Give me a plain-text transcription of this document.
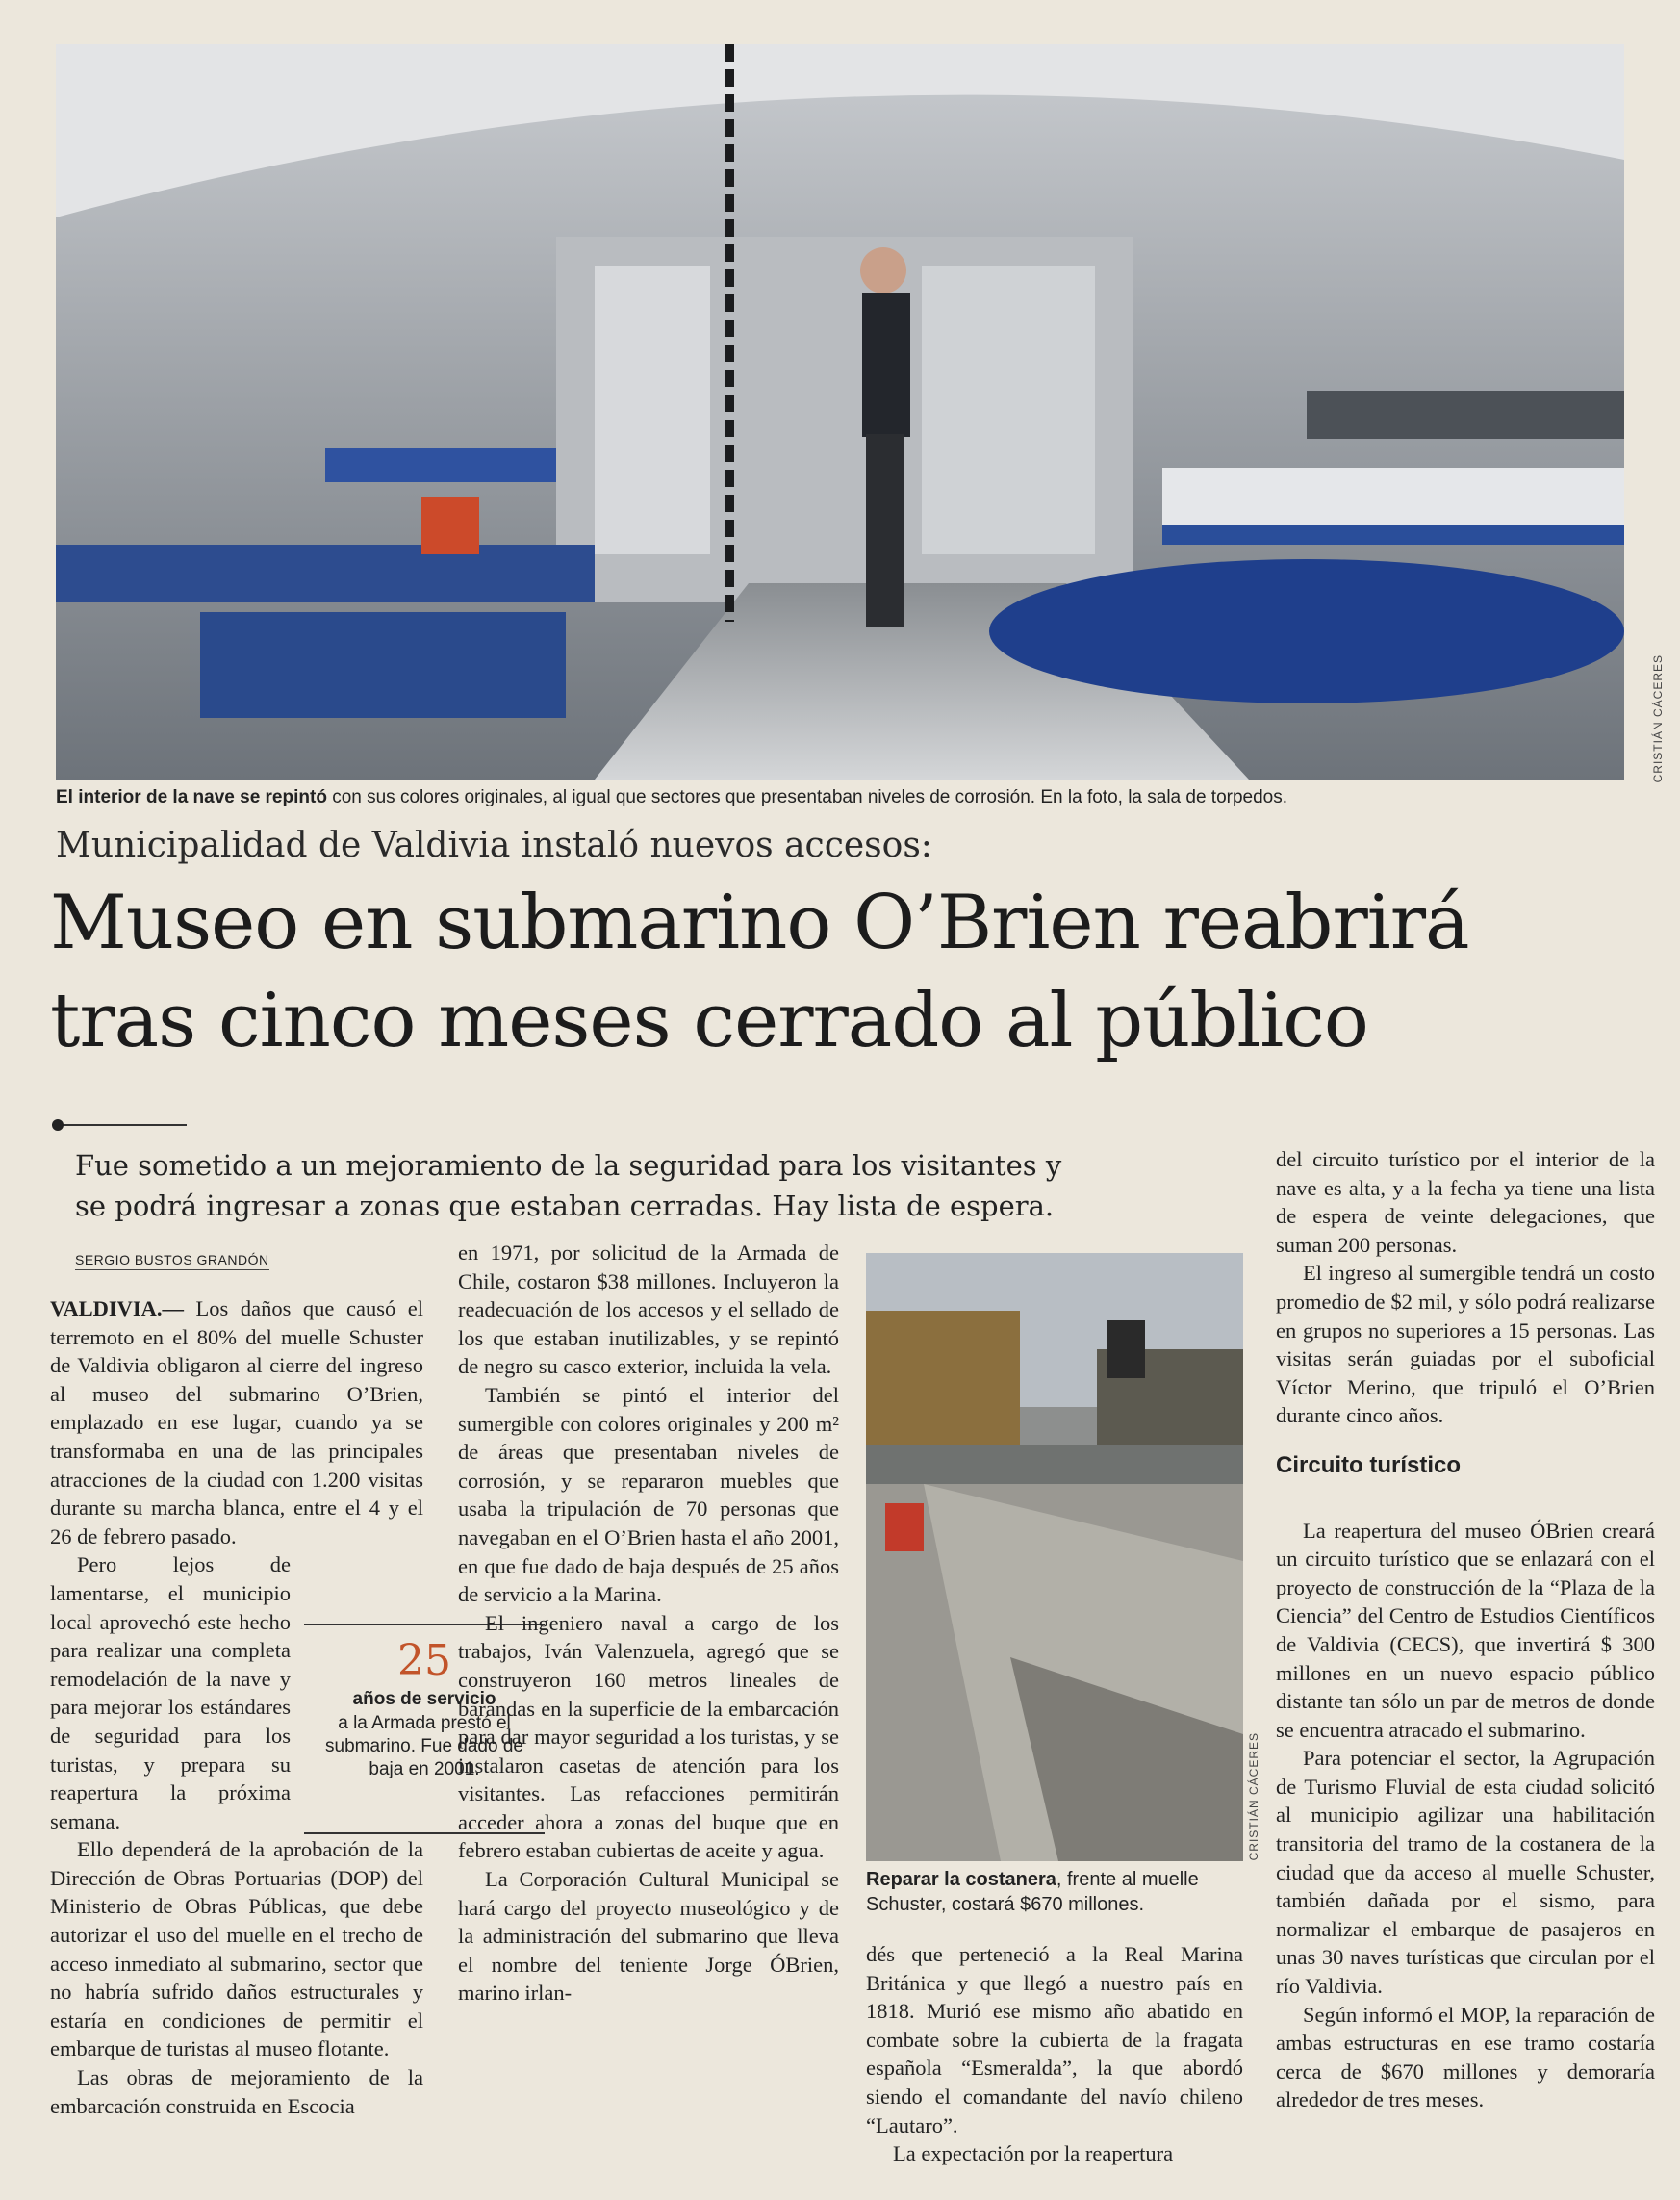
CRISTIÁN CÁCERES
El interior de la nave se repintó con sus colores originales, al igual que sectores que presentaban niveles de corrosión. En la foto, la sala de torpedos.
Municipalidad de Valdivia instaló nuevos accesos:
Museo en submarino O’Brien reabrirá
tras cinco meses cerrado al público
Fue sometido a un mejoramiento de la seguridad para los visitantes y
se podrá ingresar a zonas que estaban cerradas. Hay lista de espera.
SERGIO BUSTOS GRANDÓN

VALDIVIA.— Los daños que causó el terremoto en el 80% del muelle Schuster de Valdivia obligaron al cierre del ingreso al museo del submarino O’Brien, emplazado en ese lugar, cuando ya se transformaba en una de las principales atracciones de la ciudad con 1.200 visitas durante su marcha blanca, entre el 4 y el 26 de febrero pasado.

Pero lejos de lamentarse, el municipio local aprovechó este hecho para realizar una completa remodelación de la nave y para mejorar los estándares de seguridad para los turistas, y prepara su reapertura la próxima semana.

Ello dependerá de la aprobación de la Dirección de Obras Portuarias (DOP) del Ministerio de Obras Públicas, que debe autorizar el uso del muelle en el trecho de acceso inmediato al submarino, sector que no habría sufrido daños estructurales y estaría en condiciones de permitir el embarque de turistas al museo flotante.

Las obras de mejoramiento de la embarcación construida en Escocia

25
años de servicio
a la Armada prestó el submarino. Fue dado de baja en 2001.

en 1971, por solicitud de la Armada de Chile, costaron $38 millones. Incluyeron la readecuación de los accesos y el sellado de los que estaban inutilizables, y se repintó de negro su casco exterior, incluida la vela.

También se pintó el interior del sumergible con colores originales y 200 m² de áreas que presentaban niveles de corrosión, y se repararon muebles que usaba la tripulación de 70 personas que navegaban en el O’Brien hasta el año 2001, en que fue dado de baja después de 25 años de servicio a la Marina.

El ingeniero naval a cargo de los trabajos, Iván Valenzuela, agregó que se construyeron 160 metros lineales de barandas en la superficie de la embarcación para dar mayor seguridad a los turistas, y se instalaron casetas de atención para los visitantes. Las refacciones permitirán acceder ahora a zonas del buque que en febrero estaban cubiertas de aceite y agua.

La Corporación Cultural Municipal se hará cargo del proyecto museológico y de la administración del submarino que lleva el nombre del teniente Jorge ÓBrien, marino irlan-

CRISTIÁN CÁCERES
Reparar la costanera, frente al muelle Schuster, costará $670 millones.

dés que perteneció a la Real Marina Británica y que llegó a nuestro país en 1818. Murió ese mismo año abatido en combate sobre la cubierta de la fragata española “Esmeralda”, la que abordó siendo el comandante del navío chileno “Lautaro”.

La expectación por la reapertura

del circuito turístico por el interior de la nave es alta, y a la fecha ya tiene una lista de espera de veinte delegaciones, que suman 200 personas.

El ingreso al sumergible tendrá un costo promedio de $2 mil, y sólo podrá realizarse en grupos no superiores a 15 personas. Las visitas serán guiadas por el suboficial Víctor Merino, que tripuló el O’Brien durante cinco años.

Circuito turístico

La reapertura del museo ÓBrien creará un circuito turístico que se enlazará con el proyecto de construcción de la “Plaza de la Ciencia” del Centro de Estudios Científicos de Valdivia (CECS), que invertirá $ 300 millones en un nuevo espacio público distante tan sólo un par de metros de donde se encuentra atracado el submarino.

Para potenciar el sector, la Agrupación de Turismo Fluvial de esta ciudad solicitó al municipio agilizar una habilitación transitoria del tramo de la costanera de la ciudad que da acceso al muelle Schuster, también dañada por el sismo, para normalizar el embarque de pasajeros en unas 30 naves turísticas que circulan por el río Valdivia.

Según informó el MOP, la reparación de ambas estructuras en ese tramo costaría cerca de $670 millones y demoraría alrededor de tres meses.
